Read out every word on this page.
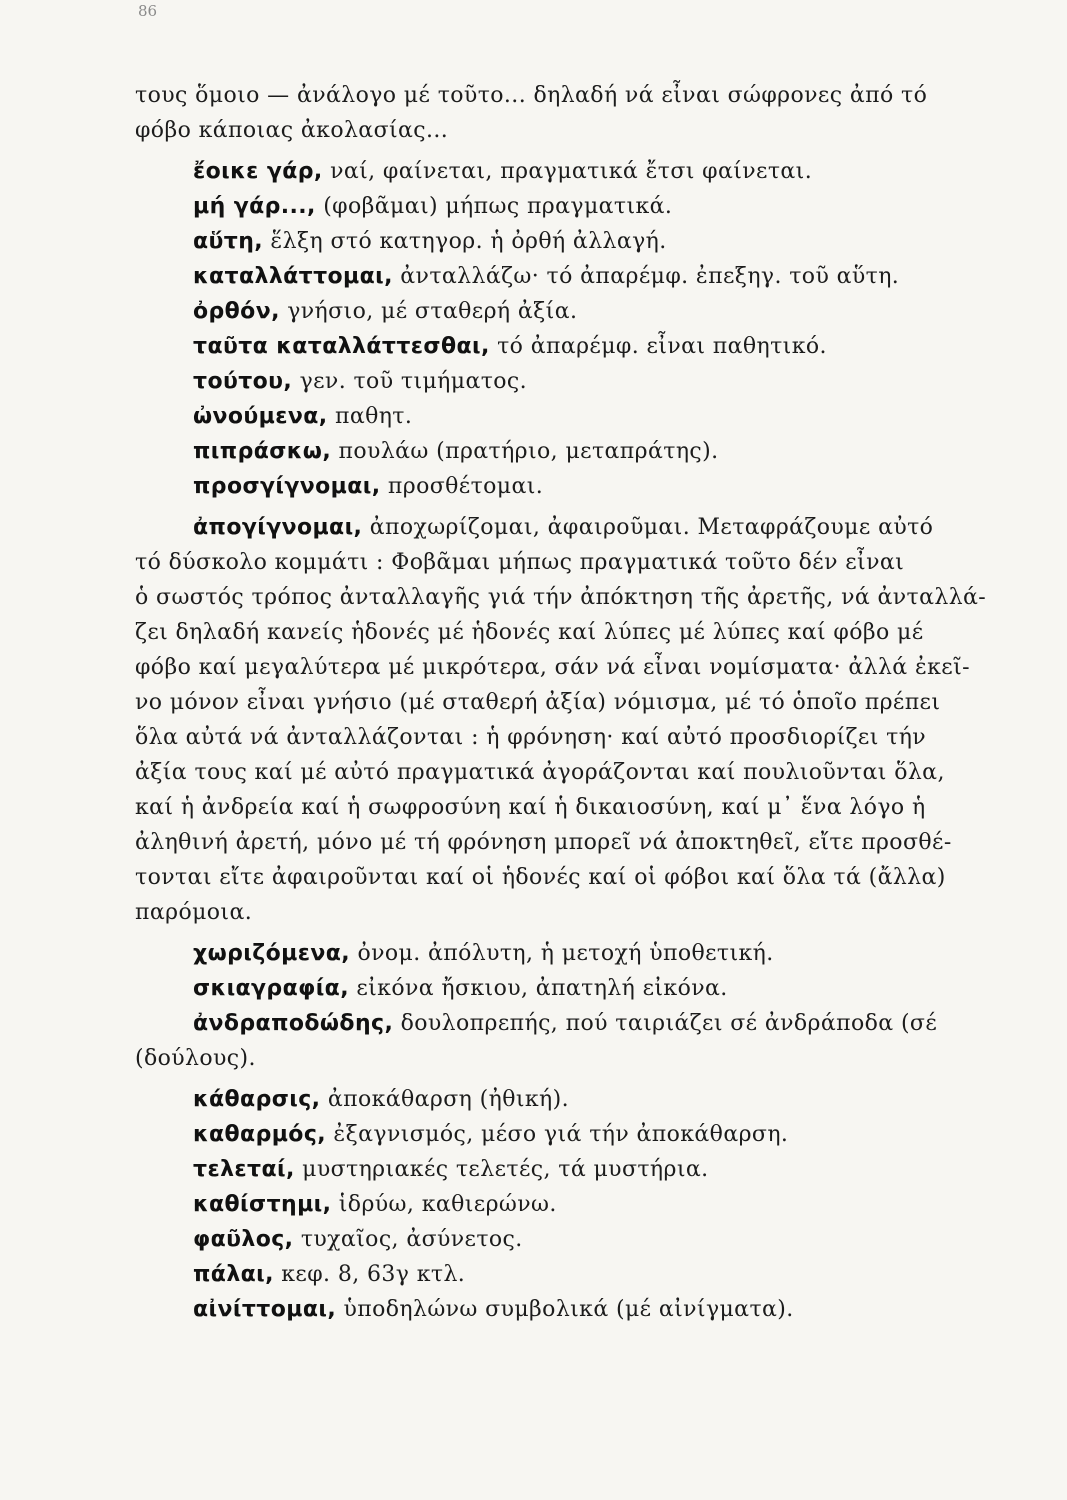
86
τους ὅμοιο — ἀνάλογο μέ τοῦτο... δηλαδή νά εἶναι σώφρονες ἀπό τό
φόβο κάποιας ἀκολασίας...
ἔοικε γάρ, ναί, φαίνεται, πραγματικά ἔτσι φαίνεται.
μή γάρ..., (φοβᾶμαι) μήπως πραγματικά.
αὕτη, ἕλξη στό κατηγορ. ἡ ὀρθή ἀλλαγή.
καταλλάττομαι, ἀνταλλάζω· τό ἀπαρέμφ. ἐπεξηγ. τοῦ αὕτη.
ὀρθόν, γνήσιο, μέ σταθερή ἀξία.
ταῦτα καταλλάττεσθαι, τό ἀπαρέμφ. εἶναι παθητικό.
τούτου, γεν. τοῦ τιμήματος.
ὠνούμενα, παθητ.
πιπράσκω, πουλάω (πρατήριο, μεταπράτης).
προσγίγνομαι, προσθέτομαι.
ἀπογίγνομαι, ἀποχωρίζομαι, ἀφαιροῦμαι. Μεταφράζουμε αὐτό
τό δύσκολο κομμάτι : Φοβᾶμαι μήπως πραγματικά τοῦτο δέν εἶναι
ὁ σωστός τρόπος ἀνταλλαγῆς γιά τήν ἀπόκτηση τῆς ἀρετῆς, νά ἀνταλλά-
ζει δηλαδή κανείς ἡδονές μέ ἡδονές καί λύπες μέ λύπες καί φόβο μέ
φόβο καί μεγαλύτερα μέ μικρότερα, σάν νά εἶναι νομίσματα· ἀλλά ἐκεῖ-
νο μόνον εἶναι γνήσιο (μέ σταθερή ἀξία) νόμισμα, μέ τό ὁποῖο πρέπει
ὅλα αὐτά νά ἀνταλλάζονται : ἡ φρόνηση· καί αὐτό προσδιορίζει τήν
ἀξία τους καί μέ αὐτό πραγματικά ἀγοράζονται καί πουλιοῦνται ὅλα,
καί ἡ ἀνδρεία καί ἡ σωφροσύνη καί ἡ δικαιοσύνη, καί μ᾽ ἕνα λόγο ἡ
ἀληθινή ἀρετή, μόνο μέ τή φρόνηση μπορεῖ νά ἀποκτηθεῖ, εἴτε προσθέ-
τονται εἴτε ἀφαιροῦνται καί οἱ ἡδονές καί οἱ φόβοι καί ὅλα τά (ἄλλα)
παρόμοια.
χωριζόμενα, ὀνομ. ἀπόλυτη, ἡ μετοχή ὑποθετική.
σκιαγραφία, εἰκόνα ἤσκιου, ἀπατηλή εἰκόνα.
ἀνδραποδώδης, δουλοπρεπής, πού ταιριάζει σέ ἀνδράποδα (σέ
(δούλους).
κάθαρσις, ἀποκάθαρση (ἠθική).
καθαρμός, ἐξαγνισμός, μέσο γιά τήν ἀποκάθαρση.
τελεταί, μυστηριακές τελετές, τά μυστήρια.
καθίστημι, ἱδρύω, καθιερώνω.
φαῦλος, τυχαῖος, ἀσύνετος.
πάλαι, κεφ. 8, 63γ κτλ.
αἰνίττομαι, ὑποδηλώνω συμβολικά (μέ αἰνίγματα).
